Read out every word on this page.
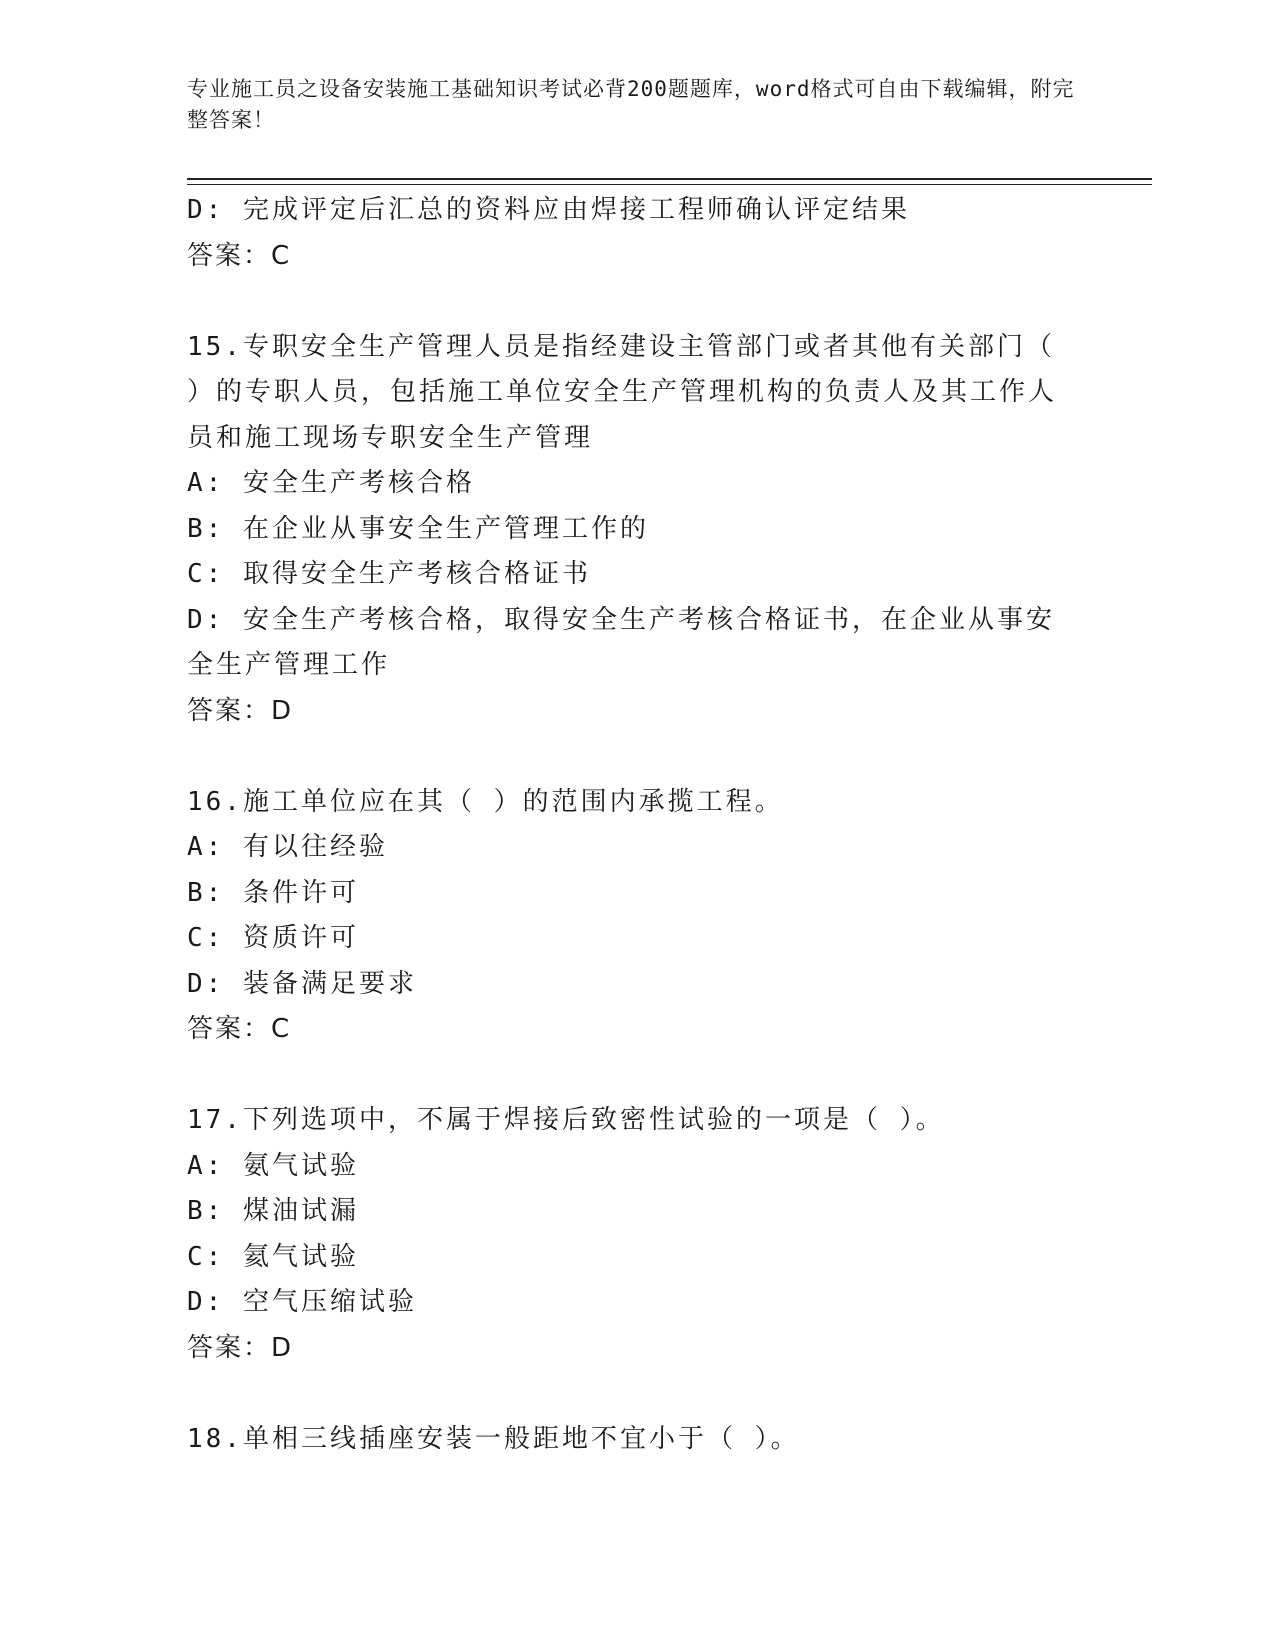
专业施工员之设备安装施工基础知识考试必背200题题库，word格式可自由下载编辑，附完整答案！
D: 完成评定后汇总的资料应由焊接工程师确认评定结果
答案：C
15.专职安全生产管理人员是指经建设主管部门或者其他有关部门（ ）的专职人员，包括施工单位安全生产管理机构的负责人及其工作人员和施工现场专职安全生产管理
A: 安全生产考核合格
B: 在企业从事安全生产管理工作的
C: 取得安全生产考核合格证书
D: 安全生产考核合格，取得安全生产考核合格证书，在企业从事安全生产管理工作
答案：D
16.施工单位应在其（ ）的范围内承揽工程。
A: 有以往经验
B: 条件许可
C: 资质许可
D: 装备满足要求
答案：C
17.下列选项中，不属于焊接后致密性试验的一项是（ ）。
A: 氨气试验
B: 煤油试漏
C: 氦气试验
D: 空气压缩试验
答案：D
18.单相三线插座安装一般距地不宜小于（ ）。
